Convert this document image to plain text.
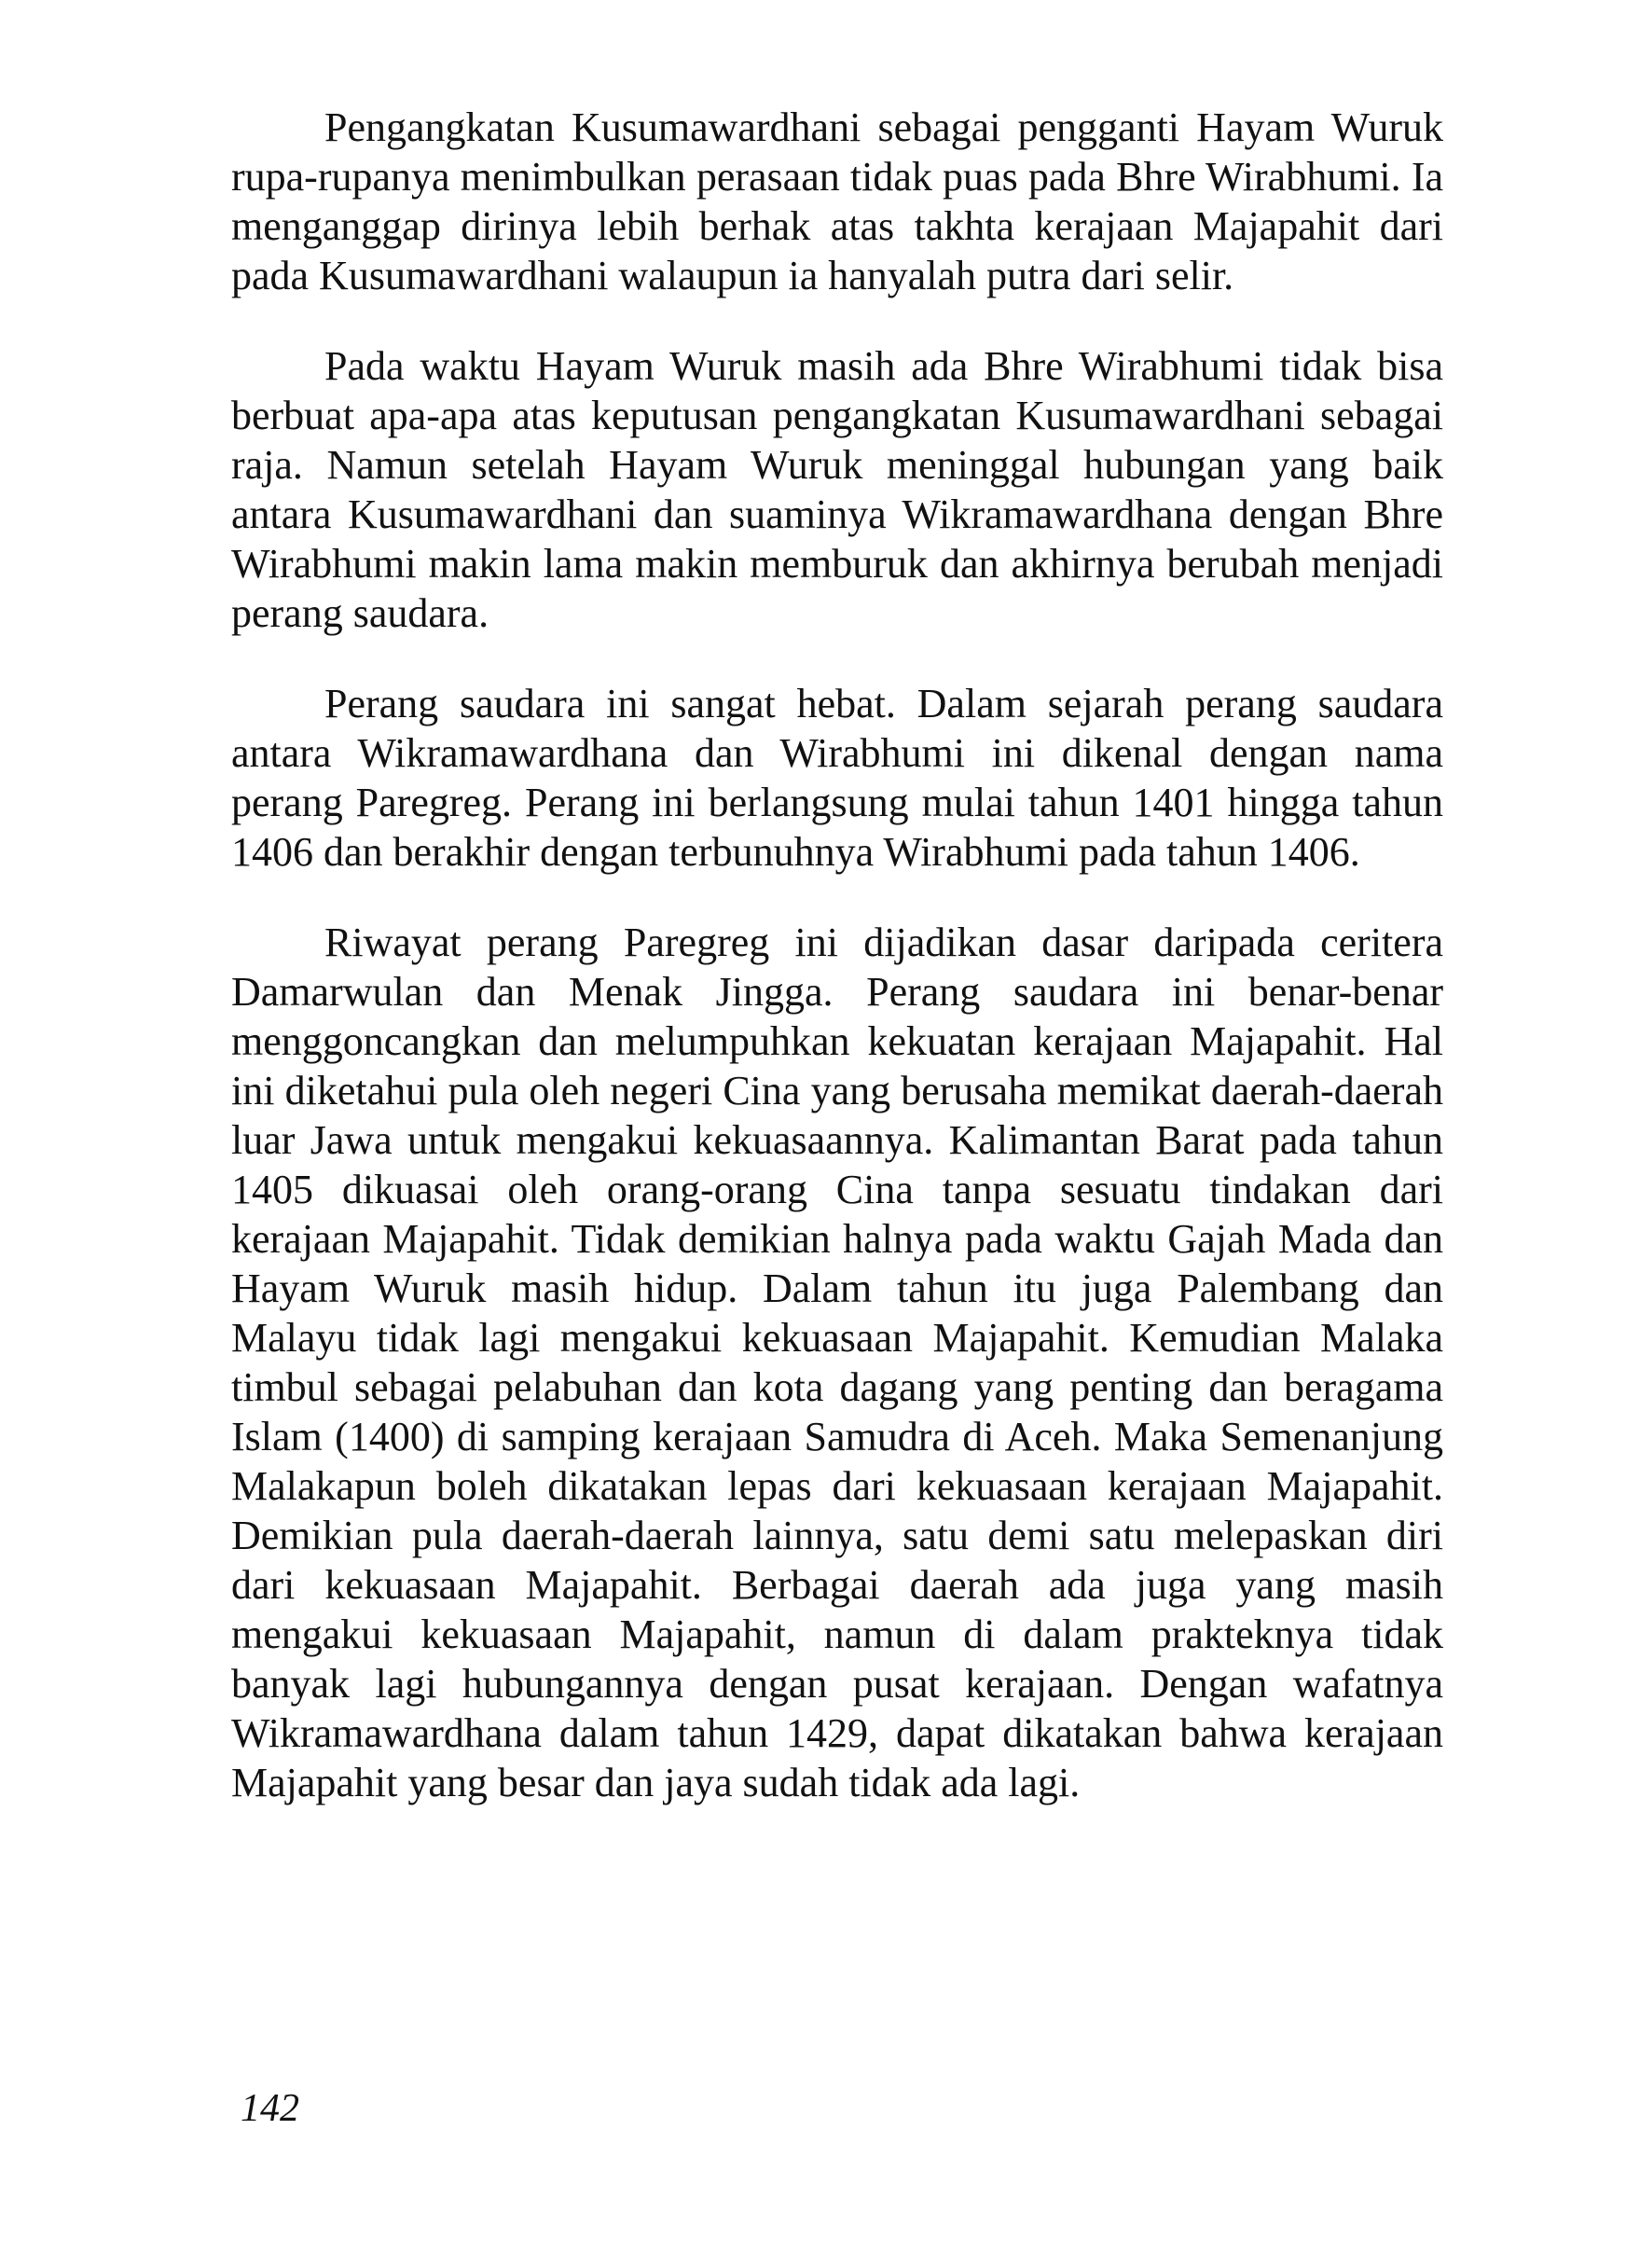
Pengangkatan Kusumawardhani sebagai pengganti Hayam Wuruk rupa-rupanya menimbulkan perasaan tidak puas pada Bhre Wirabhumi. Ia menganggap dirinya lebih berhak atas takhta kerajaan Majapahit dari pada Kusumawardhani walaupun ia hanyalah putra dari selir.

Pada waktu Hayam Wuruk masih ada Bhre Wirabhumi tidak bisa berbuat apa-apa atas keputusan pengangkatan Kusumawardhani sebagai raja. Namun setelah Hayam Wuruk meninggal hubungan yang baik antara Kusumawardhani dan suaminya Wikramawardhana dengan Bhre Wirabhumi makin lama makin memburuk dan akhirnya berubah menjadi perang saudara.

Perang saudara ini sangat hebat. Dalam sejarah perang saudara antara Wikramawardhana dan Wirabhumi ini dikenal dengan nama perang Paregreg. Perang ini berlangsung mulai tahun 1401 hingga tahun 1406 dan berakhir dengan terbunuhnya Wirabhumi pada tahun 1406.

Riwayat perang Paregreg ini dijadikan dasar daripada ceritera Damarwulan dan Menak Jingga. Perang saudara ini benar-benar menggoncangkan dan melumpuhkan kekuatan kerajaan Majapahit. Hal ini diketahui pula oleh negeri Cina yang berusaha memikat daerah-daerah luar Jawa untuk mengakui kekuasaannya. Kalimantan Barat pada tahun 1405 dikuasai oleh orang-orang Cina tanpa sesuatu tindakan dari kerajaan Majapahit. Tidak demikian halnya pada waktu Gajah Mada dan Hayam Wuruk masih hidup. Dalam tahun itu juga Palembang dan Malayu tidak lagi mengakui kekuasaan Majapahit. Kemudian Malaka timbul sebagai pelabuhan dan kota dagang yang penting dan beragama Islam (1400) di samping kerajaan Samudra di Aceh. Maka Semenanjung Malakapun boleh dikatakan lepas dari kekuasaan kerajaan Majapahit. Demikian pula daerah-daerah lainnya, satu demi satu melepaskan diri dari kekuasaan Majapahit. Berbagai daerah ada juga yang masih mengakui kekuasaan Majapahit, namun di dalam prakteknya tidak banyak lagi hubungannya dengan pusat kerajaan. Dengan wafatnya Wikramawardhana dalam tahun 1429, dapat dikatakan bahwa kerajaan Majapahit yang besar dan jaya sudah tidak ada lagi.

142
